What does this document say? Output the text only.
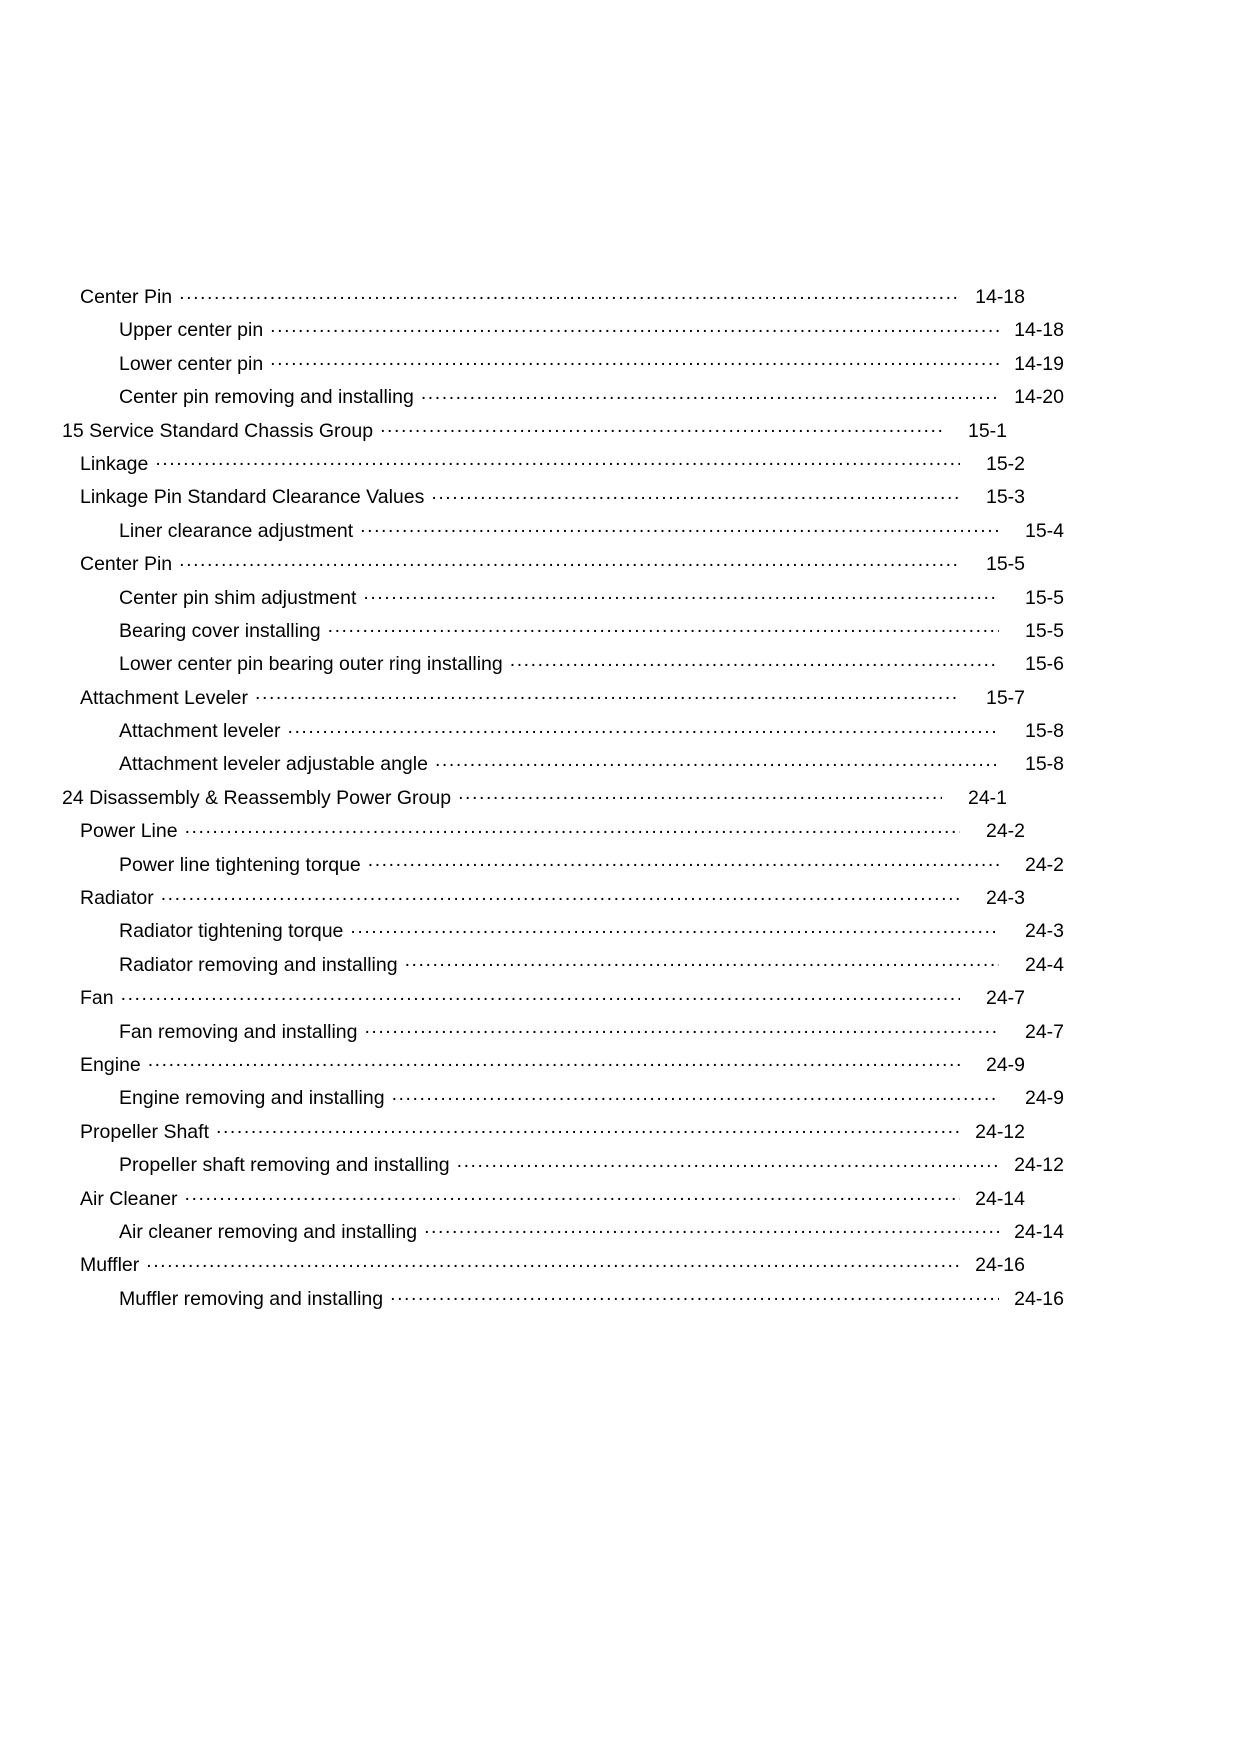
Center Pin .....	14-18
Upper center pin .....	14-18
Lower center pin .....	14-19
Center pin removing and installing .....	14-20
15 Service Standard Chassis Group .....	15-1
Linkage .....	15-2
Linkage Pin Standard Clearance Values .....	15-3
Liner clearance adjustment .....	15-4
Center Pin .....	15-5
Center pin shim adjustment .....	15-5
Bearing cover installing .....	15-5
Lower center pin bearing outer ring installing .....	15-6
Attachment Leveler .....	15-7
Attachment leveler .....	15-8
Attachment leveler adjustable angle .....	15-8
24 Disassembly & Reassembly Power Group .....	24-1
Power Line .....	24-2
Power line tightening torque .....	24-2
Radiator .....	24-3
Radiator tightening torque .....	24-3
Radiator removing and installing .....	24-4
Fan .....	24-7
Fan removing and installing .....	24-7
Engine .....	24-9
Engine removing and installing .....	24-9
Propeller Shaft .....	24-12
Propeller shaft removing and installing .....	24-12
Air Cleaner .....	24-14
Air cleaner removing and installing .....	24-14
Muffler .....	24-16
Muffler removing and installing .....	24-16
